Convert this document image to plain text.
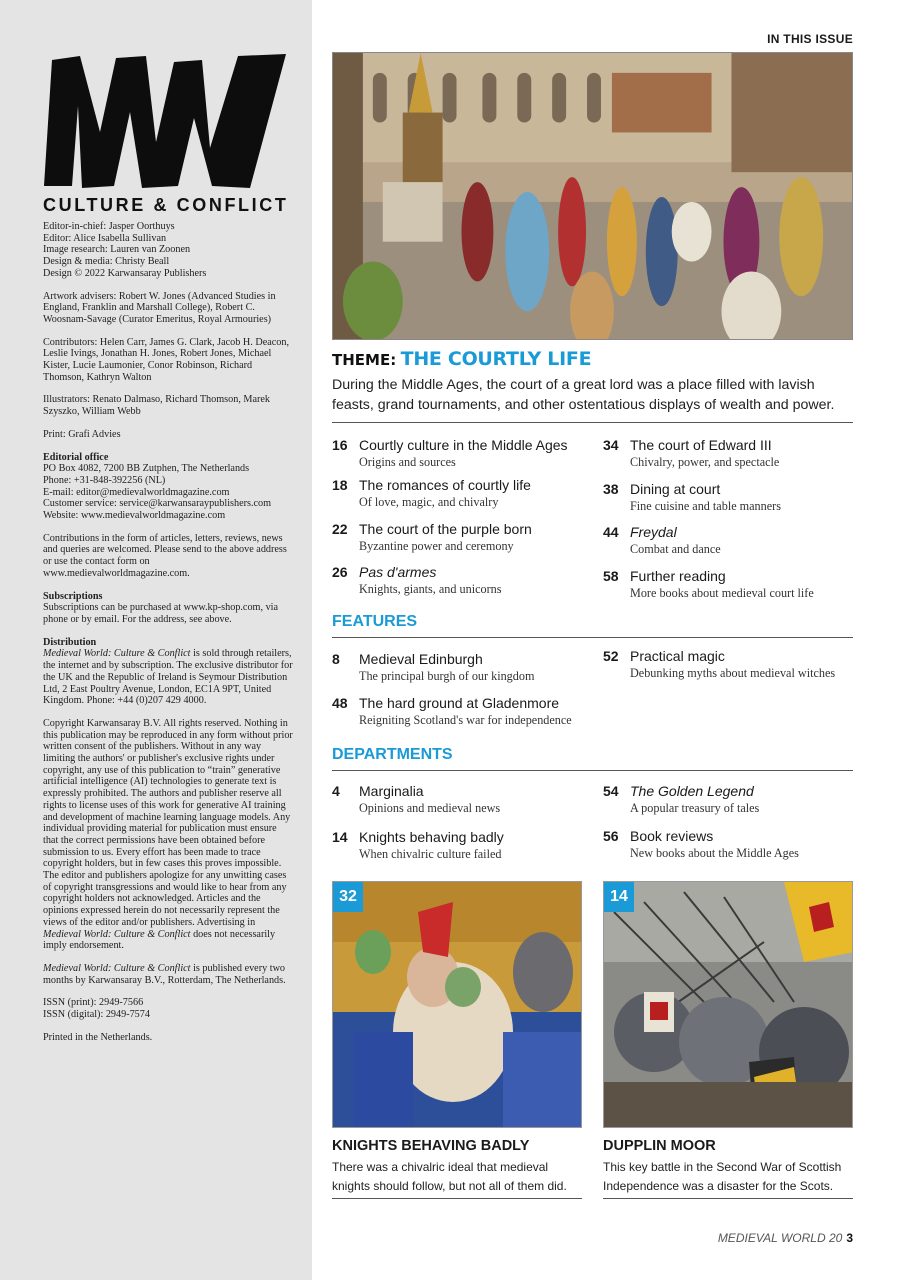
CULTURE & CONFLICT

Editor-in-chief: Jasper Oorthuys
Editor: Alice Isabella Sullivan
Image research: Lauren van Zoonen
Design & media: Christy Beall
Design © 2022 Karwansaray Publishers

Artwork advisers: Robert W. Jones (Advanced Studies in England, Franklin and Marshall College), Robert C. Woosnam-Savage (Curator Emeritus, Royal Armouries)

Contributors: Helen Carr, James G. Clark, Jacob H. Deacon, Leslie Ivings, Jonathan H. Jones, Robert Jones, Michael Kister, Lucie Laumonier, Conor Robinson, Richard Thomson, Kathryn Walton

Illustrators: Renato Dalmaso, Richard Thomson, Marek Szyszko, William Webb

Print: Grafi Advies

Editorial office
PO Box 4082, 7200 BB Zutphen, The Netherlands
Phone: +31-848-392256 (NL)
E-mail: editor@medievalworldmagazine.com
Customer service: service@karwansaraypublishers.com
Website: www.medievalworldmagazine.com

Contributions in the form of articles, letters, reviews, news and queries are welcomed. Please send to the above address or use the contact form on www.medievalworldmagazine.com.

Subscriptions
Subscriptions can be purchased at www.kp-shop.com, via phone or by email. For the address, see above.

Distribution
Medieval World: Culture & Conflict is sold through retailers, the internet and by subscription. The exclusive distributor for the UK and the Republic of Ireland is Seymour Distribution Ltd, 2 East Poultry Avenue, London, EC1A 9PT, United Kingdom. Phone: +44 (0)207 429 4000.

Copyright Karwansaray B.V. All rights reserved. Nothing in this publication may be reproduced in any form without prior written consent of the publishers. Without in any way limiting the authors' or publisher's exclusive rights under copyright, any use of this publication to “train” generative artificial intelligence (AI) technologies to generate text is expressly prohibited. The authors and publisher reserve all rights to license uses of this work for generative AI training and development of machine learning language models. Any individual providing material for publication must ensure that the correct permissions have been obtained before submission to us. Every effort has been made to trace copyright holders, but in few cases this proves impossible. The editor and publishers apologize for any unwitting cases of copyright transgressions and would like to hear from any copyright holders not acknowledged. Articles and the opinions expressed herein do not necessarily represent the views of the editor and/or publishers. Advertising in Medieval World: Culture & Conflict does not necessarily imply endorsement.

Medieval World: Culture & Conflict is published every two months by Karwansaray B.V., Rotterdam, The Netherlands.

ISSN (print): 2949-7566
ISSN (digital): 2949-7574

Printed in the Netherlands.

IN THIS ISSUE
THEME: THE COURTLY LIFE
During the Middle Ages, the court of a great lord was a place filled with lavish feasts, grand tournaments, and other ostentatious displays of wealth and power.
16 Courtly culture in the Middle Ages
Origins and sources
18 The romances of courtly life
Of love, magic, and chivalry
22 The court of the purple born
Byzantine power and ceremony
26 Pas d'armes
Knights, giants, and unicorns
34 The court of Edward III
Chivalry, power, and spectacle
38 Dining at court
Fine cuisine and table manners
44 Freydal
Combat and dance
58 Further reading
More books about medieval court life
FEATURES
8 Medieval Edinburgh
The principal burgh of our kingdom
48 The hard ground at Gladenmore
Reigniting Scotland's war for independence
52 Practical magic
Debunking myths about medieval witches
DEPARTMENTS
4 Marginalia
Opinions and medieval news
14 Knights behaving badly
When chivalric culture failed
54 The Golden Legend
A popular treasury of tales
56 Book reviews
New books about the Middle Ages
32
KNIGHTS BEHAVING BADLY
There was a chivalric ideal that medieval knights should follow, but not all of them did.
14
DUPPLIN MOOR
This key battle in the Second War of Scottish Independence was a disaster for the Scots.
MEDIEVAL WORLD 20 3
